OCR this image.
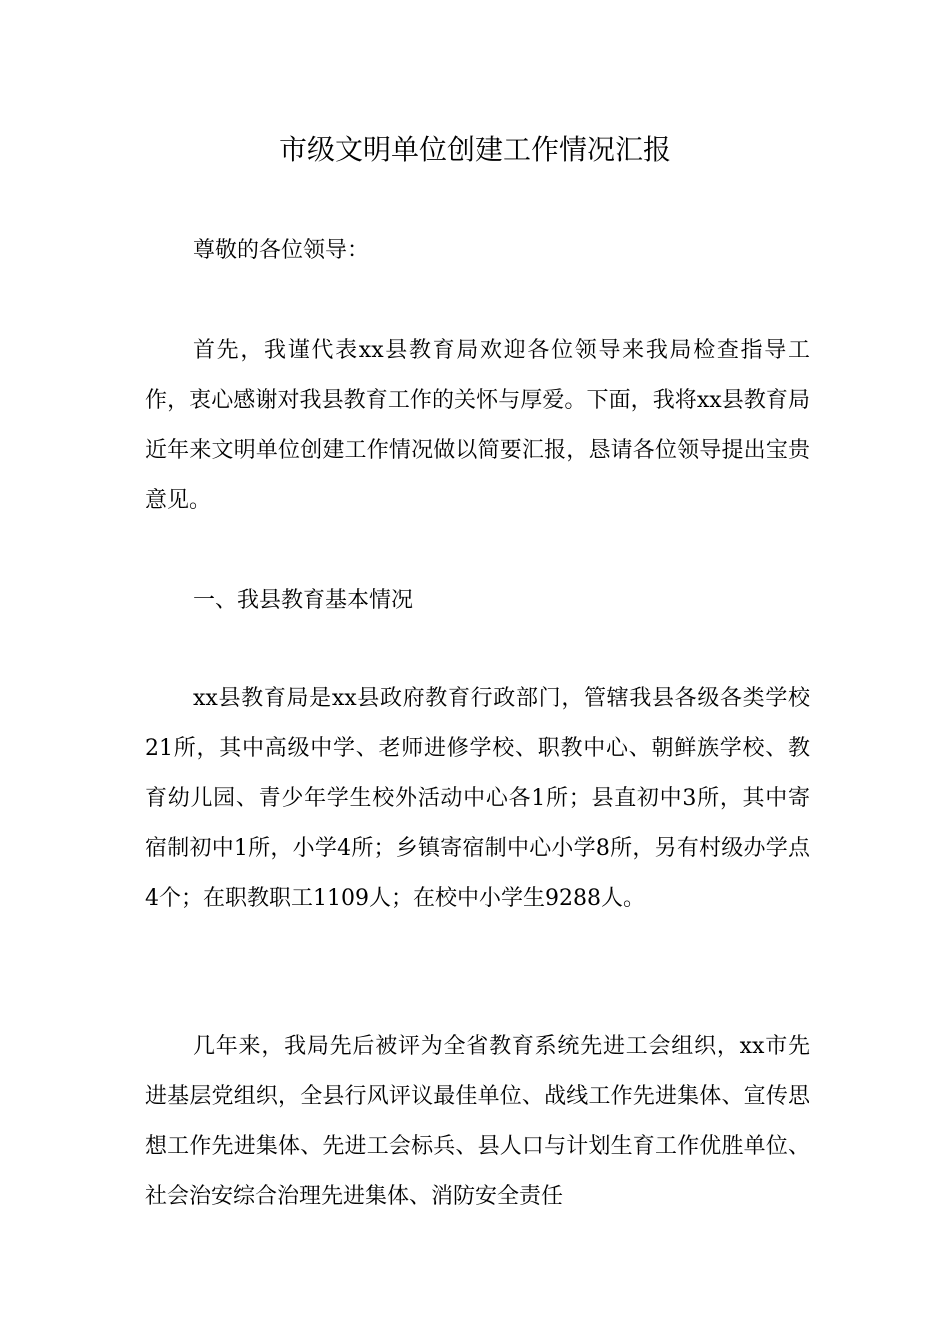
市级文明单位创建工作情况汇报

尊敬的各位领导：

首先，我谨代表xx县教育局欢迎各位领导来我局检查指导工作，衷心感谢对我县教育工作的关怀与厚爱。下面，我将xx县教育局近年来文明单位创建工作情况做以简要汇报，恳请各位领导提出宝贵意见。

一、我县教育基本情况

xx县教育局是xx县政府教育行政部门，管辖我县各级各类学校21所，其中高级中学、老师进修学校、职教中心、朝鲜族学校、教育幼儿园、青少年学生校外活动中心各1所；县直初中3所，其中寄宿制初中1所，小学4所；乡镇寄宿制中心小学8所，另有村级办学点4个；在职教职工1109人；在校中小学生9288人。

几年来，我局先后被评为全省教育系统先进工会组织，xx市先进基层党组织，全县行风评议最佳单位、战线工作先进集体、宣传思想工作先进集体、先进工会标兵、县人口与计划生育工作优胜单位、社会治安综合治理先进集体、消防安全责任
